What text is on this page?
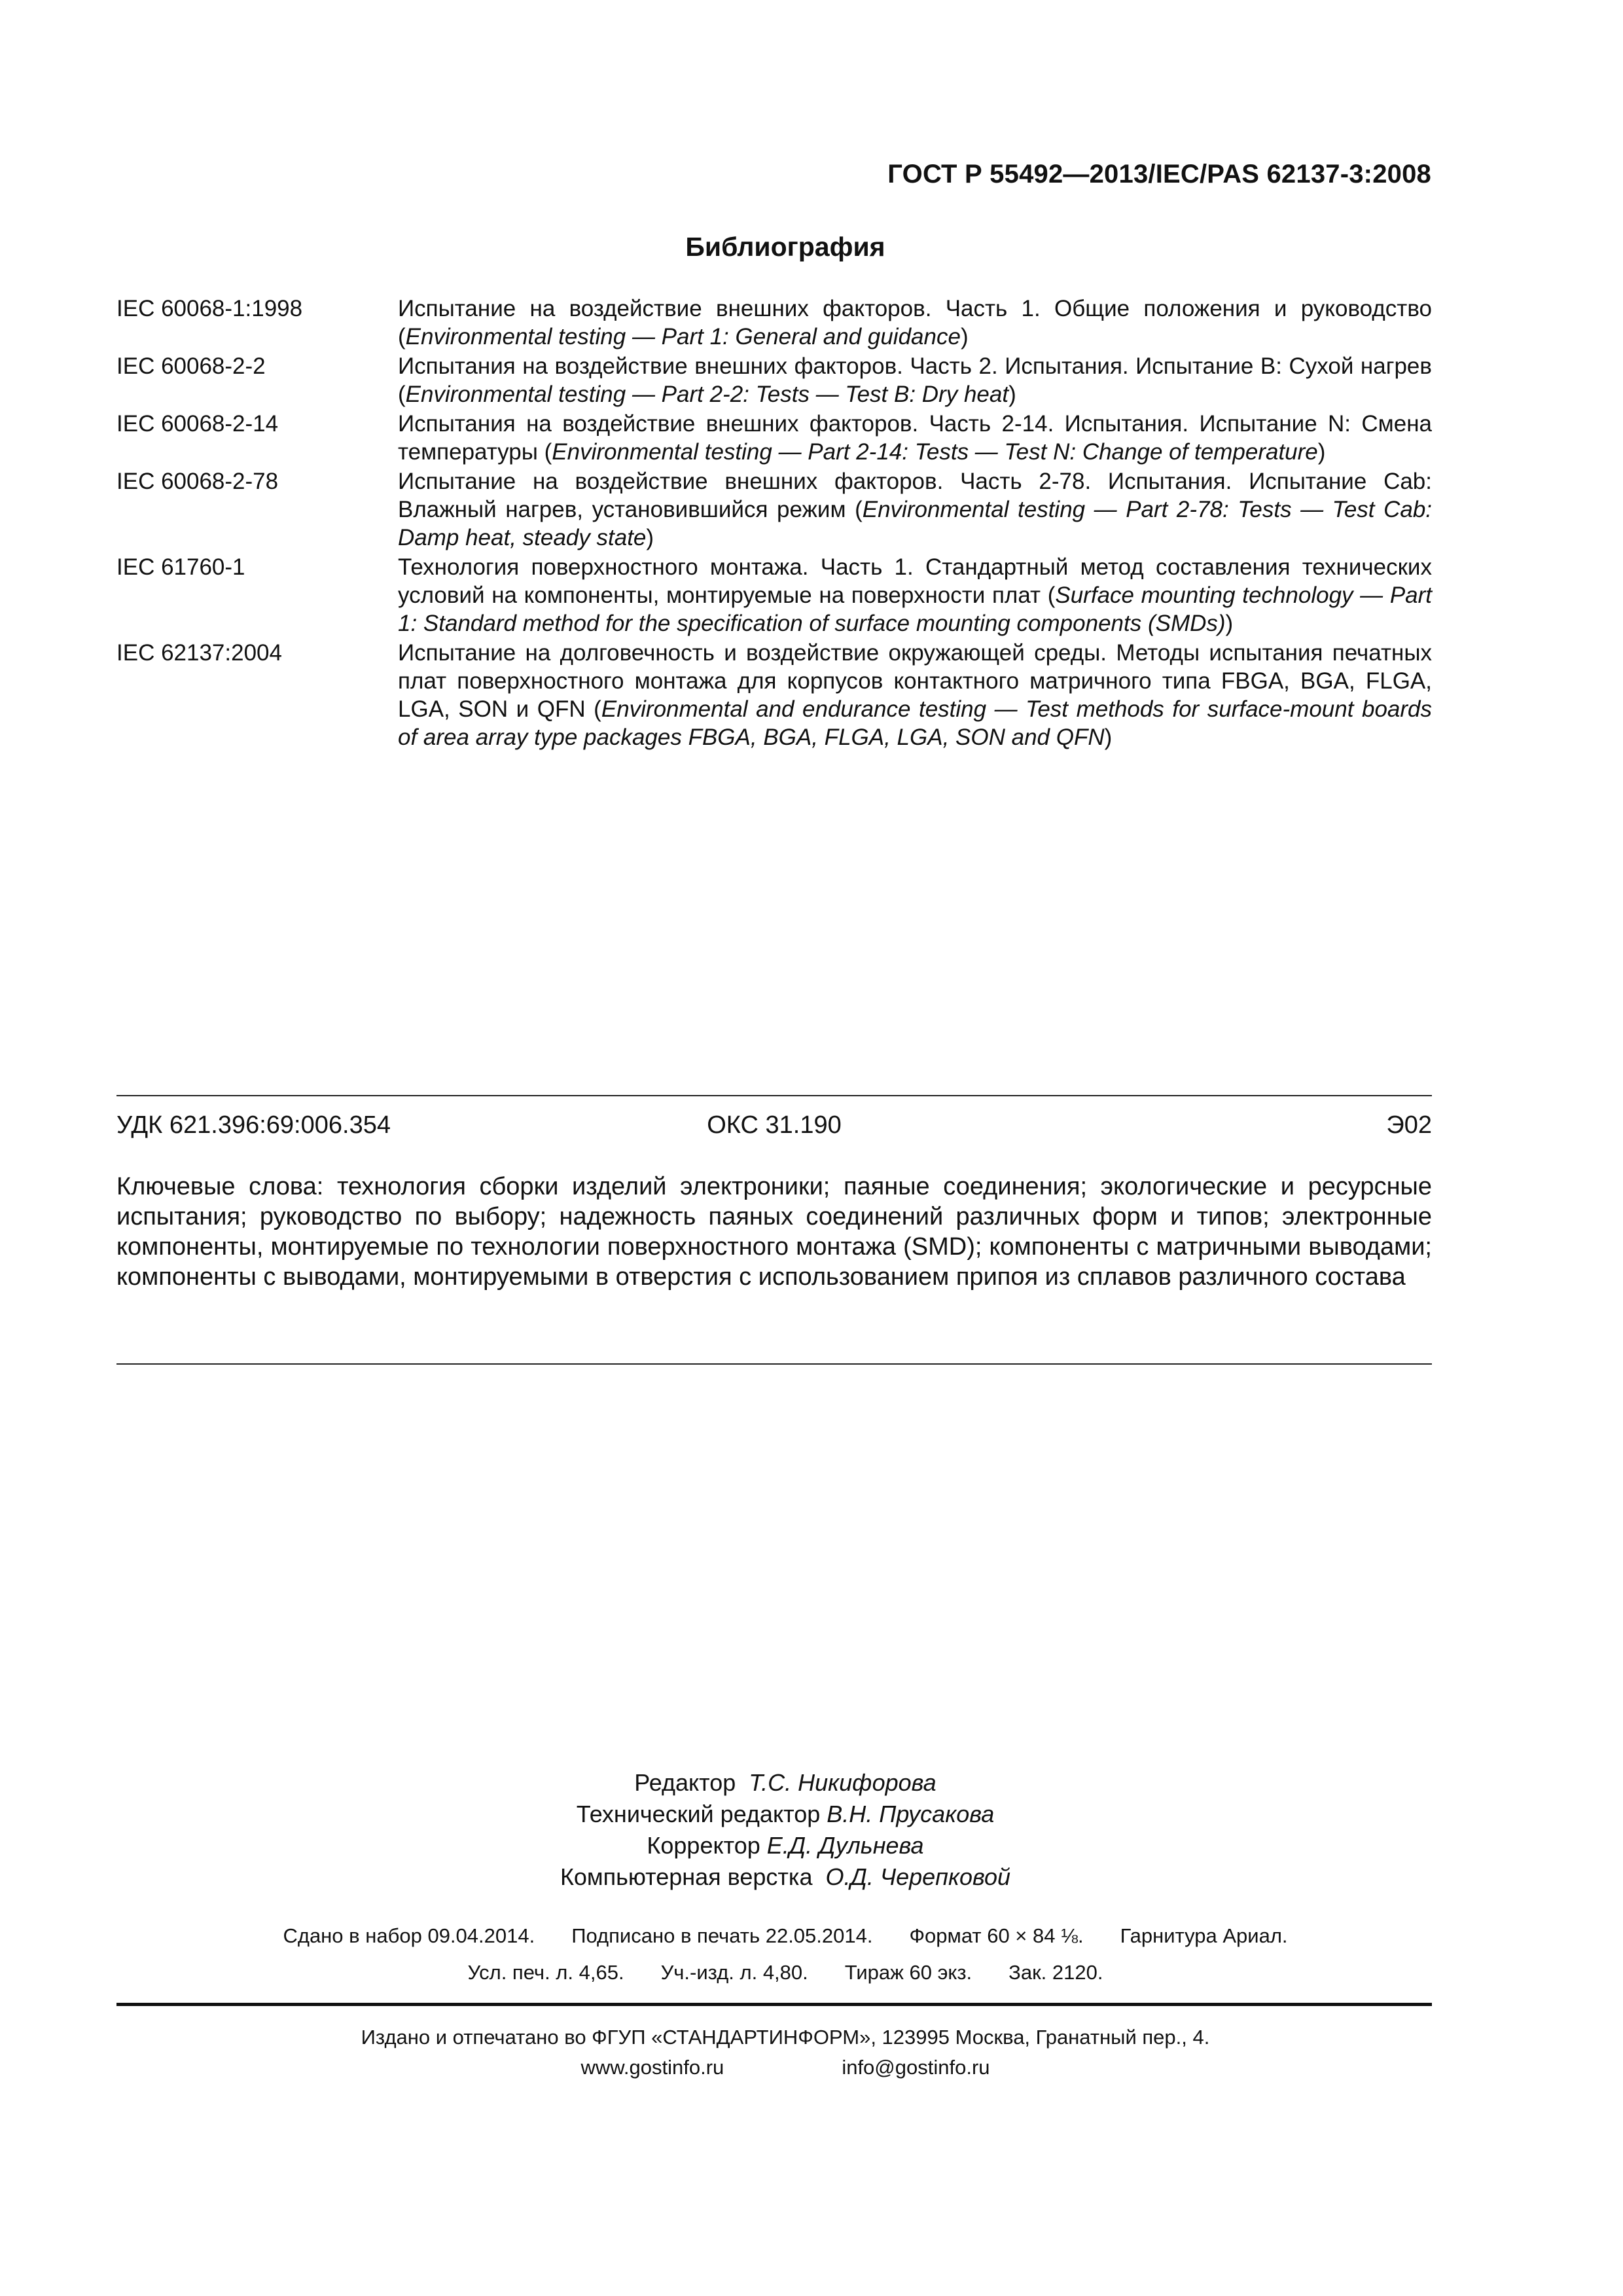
ГОСТ Р 55492—2013/IEC/PAS 62137-3:2008
Библиография
IEC 60068-1:1998	Испытание на воздействие внешних факторов. Часть 1. Общие положения и руководство (Environmental testing — Part 1: General and guidance)
IEC 60068-2-2	Испытания на воздействие внешних факторов. Часть 2. Испытания. Испытание В: Сухой нагрев (Environmental testing — Part 2-2: Tests — Test B: Dry heat)
IEC 60068-2-14	Испытания на воздействие внешних факторов. Часть 2-14. Испытания. Испытание N: Смена температуры (Environmental testing — Part 2-14: Tests — Test N: Change of temperature)
IEC 60068-2-78	Испытание на воздействие внешних факторов. Часть 2-78. Испытания. Испытание Cab: Влажный нагрев, установившийся режим (Environmental testing — Part 2-78: Tests — Test Cab: Damp heat, steady state)
IEC 61760-1	Технология поверхностного монтажа. Часть 1. Стандартный метод составления технических условий на компоненты, монтируемые на поверхности плат (Surface mounting technology — Part 1: Standard method for the specification of surface mounting components (SMDs))
IEC 62137:2004	Испытание на долговечность и воздействие окружающей среды. Методы испытания печатных плат поверхностного монтажа для корпусов контактного матричного типа FBGA, BGA, FLGA, LGA, SON и QFN (Environmental and endurance testing — Test methods for surface-mount boards of area array type packages FBGA, BGA, FLGA, LGA, SON and QFN)
УДК 621.396:69:006.354	ОКС 31.190	Э02
Ключевые слова: технология сборки изделий электроники; паяные соединения; экологические и ресурсные испытания; руководство по выбору; надежность паяных соединений различных форм и типов; электронные компоненты, монтируемые по технологии поверхностного монтажа (SMD); компоненты с матричными выводами; компоненты с выводами, монтируемыми в отверстия с использованием припоя из сплавов различного состава
Редактор Т.С. Никифорова
Технический редактор В.Н. Прусакова
Корректор Е.Д. Дульнева
Компьютерная верстка О.Д. Черепковой
Сдано в набор 09.04.2014. Подписано в печать 22.05.2014. Формат 60 × 84 ⅛. Гарнитура Ариал.
Усл. печ. л. 4,65. Уч.-изд. л. 4,80. Тираж 60 экз. Зак. 2120.
Издано и отпечатано во ФГУП «СТАНДАРТИНФОРМ», 123995 Москва, Гранатный пер., 4.
www.gostinfo.ru	info@gostinfo.ru
